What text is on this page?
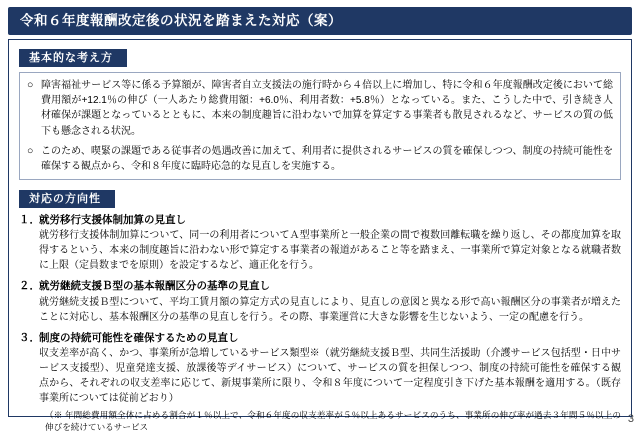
令和６年度報酬改定後の状況を踏まえた対応（案）
基本的な考え方
○ 障害福祉サービス等に係る予算額が、障害者自立支援法の施行時から４倍以上に増加し、特に令和６年度報酬改定後において総費用額が+12.1％の伸び（一人あたり総費用額：+6.0％、利用者数：+5.8％）となっている。また、こうした中で、引き続き人材確保が課題となっているとともに、本来の制度趣旨に沿わないで加算を算定する事業者も散見されるなど、サービスの質の低下も懸念される状況。
○ このため、喫緊の課題である従事者の処遇改善に加えて、利用者に提供されるサービスの質を確保しつつ、制度の持続可能性を確保する観点から、令和８年度に臨時応急的な見直しを実施する。
対応の方向性
１． 就労移行支援体制加算の見直し
就労移行支援体制加算について、同一の利用者についてＡ型事業所と一般企業の間で複数回離転職を繰り返し、その都度加算を取得するという、本来の制度趣旨に沿わない形で算定する事業者の報道があること等を踏まえ、一事業所で算定対象となる就職者数に上限（定員数までを原則）を設定するなど、適正化を行う。
２． 就労継続支援Ｂ型の基本報酬区分の基準の見直し
就労継続支援Ｂ型について、平均工賃月額の算定方式の見直しにより、見直しの意図と異なる形で高い報酬区分の事業者が増えたことに対応し、基本報酬区分の基準の見直しを行う。その際、事業運営に大きな影響を生じないよう、一定の配慮を行う。
３． 制度の持続可能性を確保するための見直し
収支差率が高く、かつ、事業所が急増しているサービス類型※（就労継続支援Ｂ型、共同生活援助（介護サービス包括型・日中サービス支援型）、児童発達支援、放課後等デイサービス）について、サービスの質を担保しつつ、制度の持続可能性を確保する観点から、それぞれの収支差率に応じて、新規事業所に限り、令和８年度について一定程度引き下げた基本報酬を適用する。（既存事業所については従前どおり）
（※ 年間総費用額全体に占める割合が１％以上で、令和６年度の収支差率が５％以上あるサービスのうち、事業所の伸び率が過去３年間５％以上の伸びを続けているサービス
3
